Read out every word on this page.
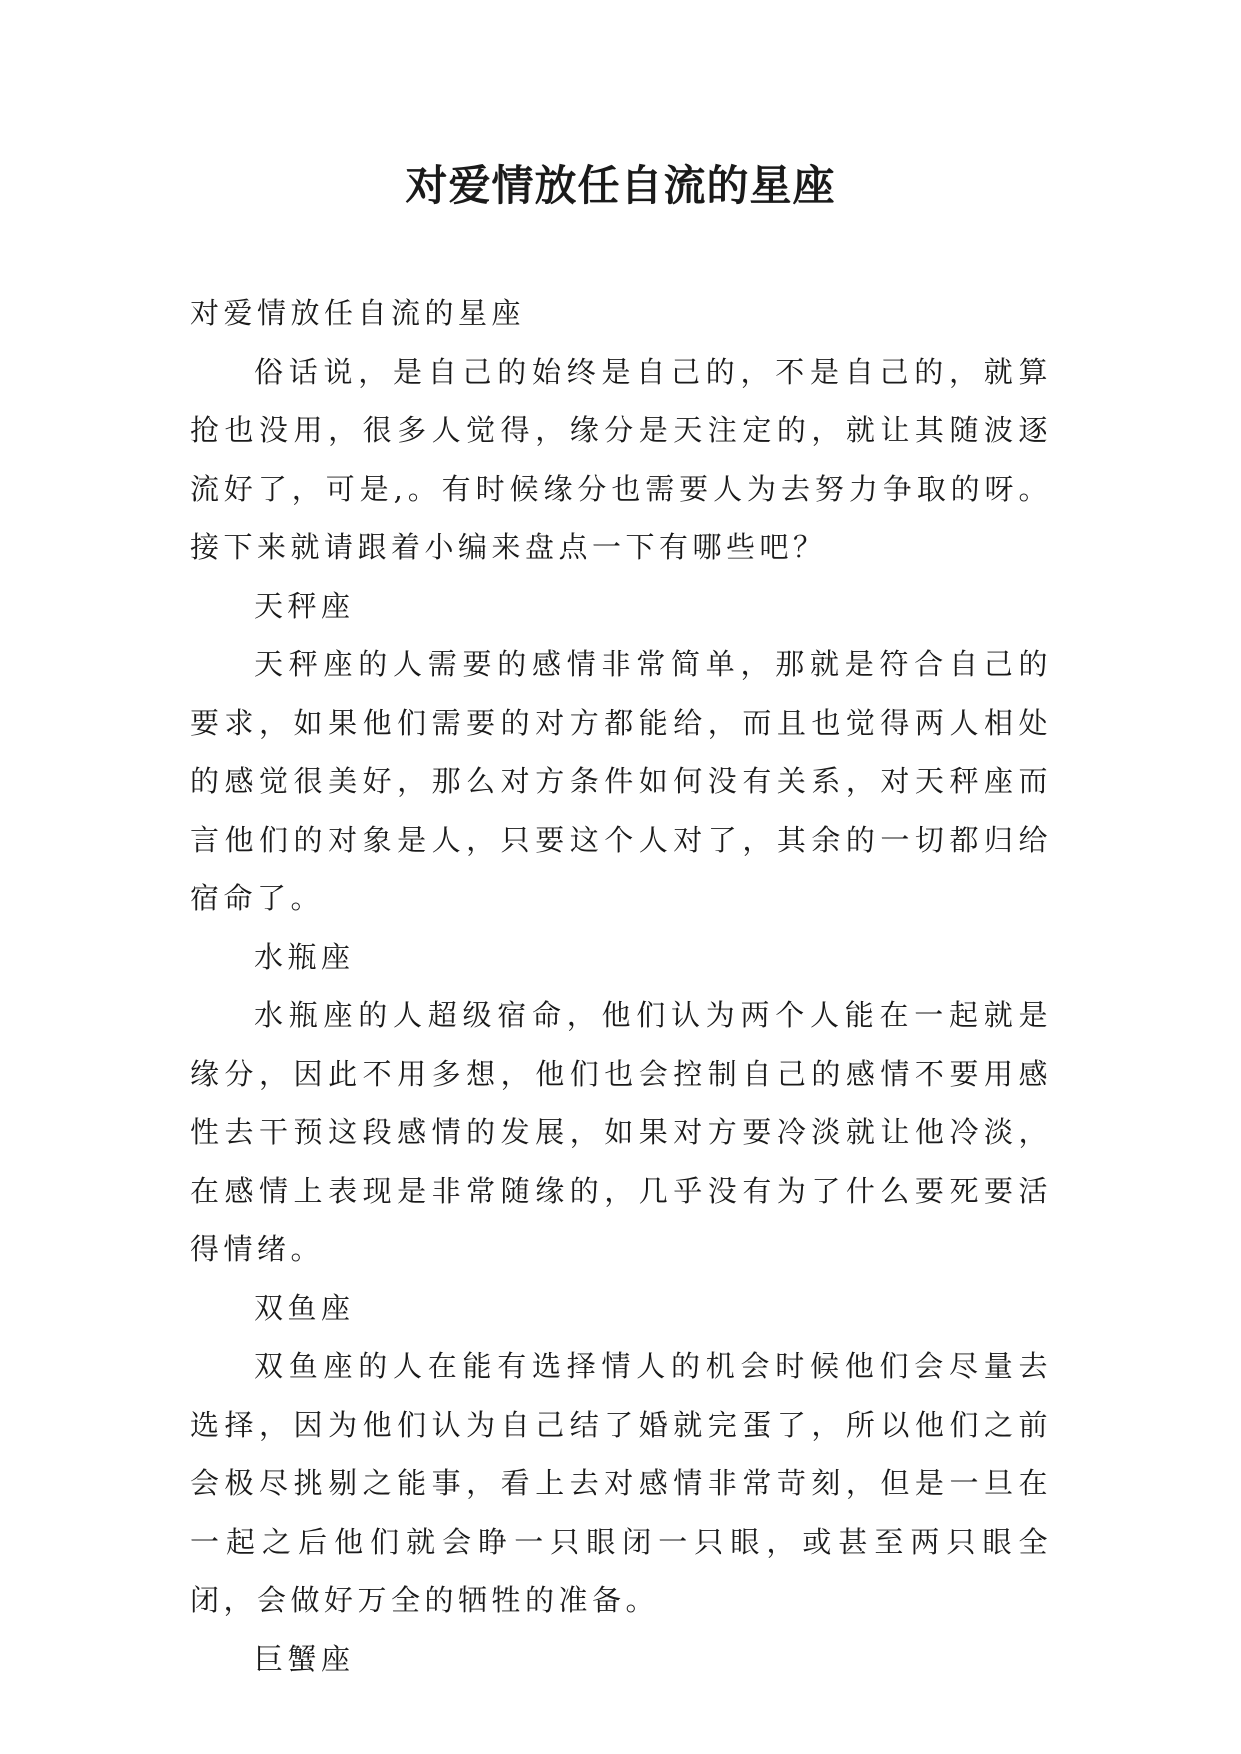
对爱情放任自流的星座

对爱情放任自流的星座

俗话说，是自己的始终是自己的，不是自己的，就算抢也没用，很多人觉得，缘分是天注定的，就让其随波逐流好了，可是,。有时候缘分也需要人为去努力争取的呀。接下来就请跟着小编来盘点一下有哪些吧？

天秤座

天秤座的人需要的感情非常简单，那就是符合自己的要求，如果他们需要的对方都能给，而且也觉得两人相处的感觉很美好，那么对方条件如何没有关系，对天秤座而言他们的对象是人，只要这个人对了，其余的一切都归给宿命了。

水瓶座

水瓶座的人超级宿命，他们认为两个人能在一起就是缘分，因此不用多想，他们也会控制自己的感情不要用感性去干预这段感情的发展，如果对方要冷淡就让他冷淡，在感情上表现是非常随缘的，几乎没有为了什么要死要活得情绪。

双鱼座

双鱼座的人在能有选择情人的机会时候他们会尽量去选择，因为他们认为自己结了婚就完蛋了，所以他们之前会极尽挑剔之能事，看上去对感情非常苛刻，但是一旦在一起之后他们就会睁一只眼闭一只眼，或甚至两只眼全闭，会做好万全的牺牲的准备。

巨蟹座
